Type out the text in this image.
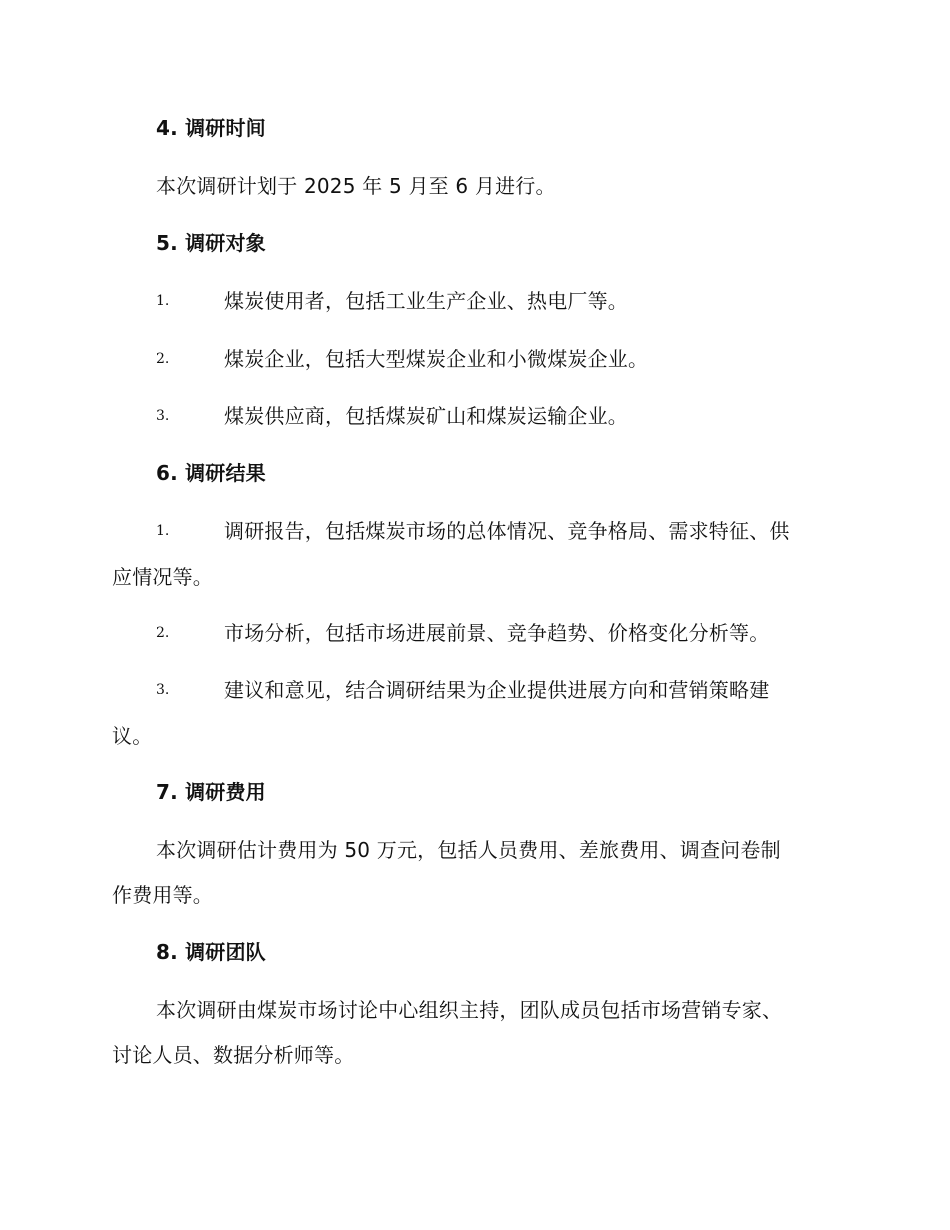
4. 调研时间
本次调研计划于 2025 年 5 月至 6 月进行。
5. 调研对象
1.	煤炭使用者，包括工业生产企业、热电厂等。
2.	煤炭企业，包括大型煤炭企业和小微煤炭企业。
3.	煤炭供应商，包括煤炭矿山和煤炭运输企业。
6. 调研结果
1.	调研报告，包括煤炭市场的总体情况、竞争格局、需求特征、供
应情况等。
2.	市场分析，包括市场进展前景、竞争趋势、价格变化分析等。
3.	建议和意见，结合调研结果为企业提供进展方向和营销策略建
议。
7. 调研费用
本次调研估计费用为 50 万元，包括人员费用、差旅费用、调查问卷制
作费用等。
8. 调研团队
本次调研由煤炭市场讨论中心组织主持，团队成员包括市场营销专家、
讨论人员、数据分析师等。
